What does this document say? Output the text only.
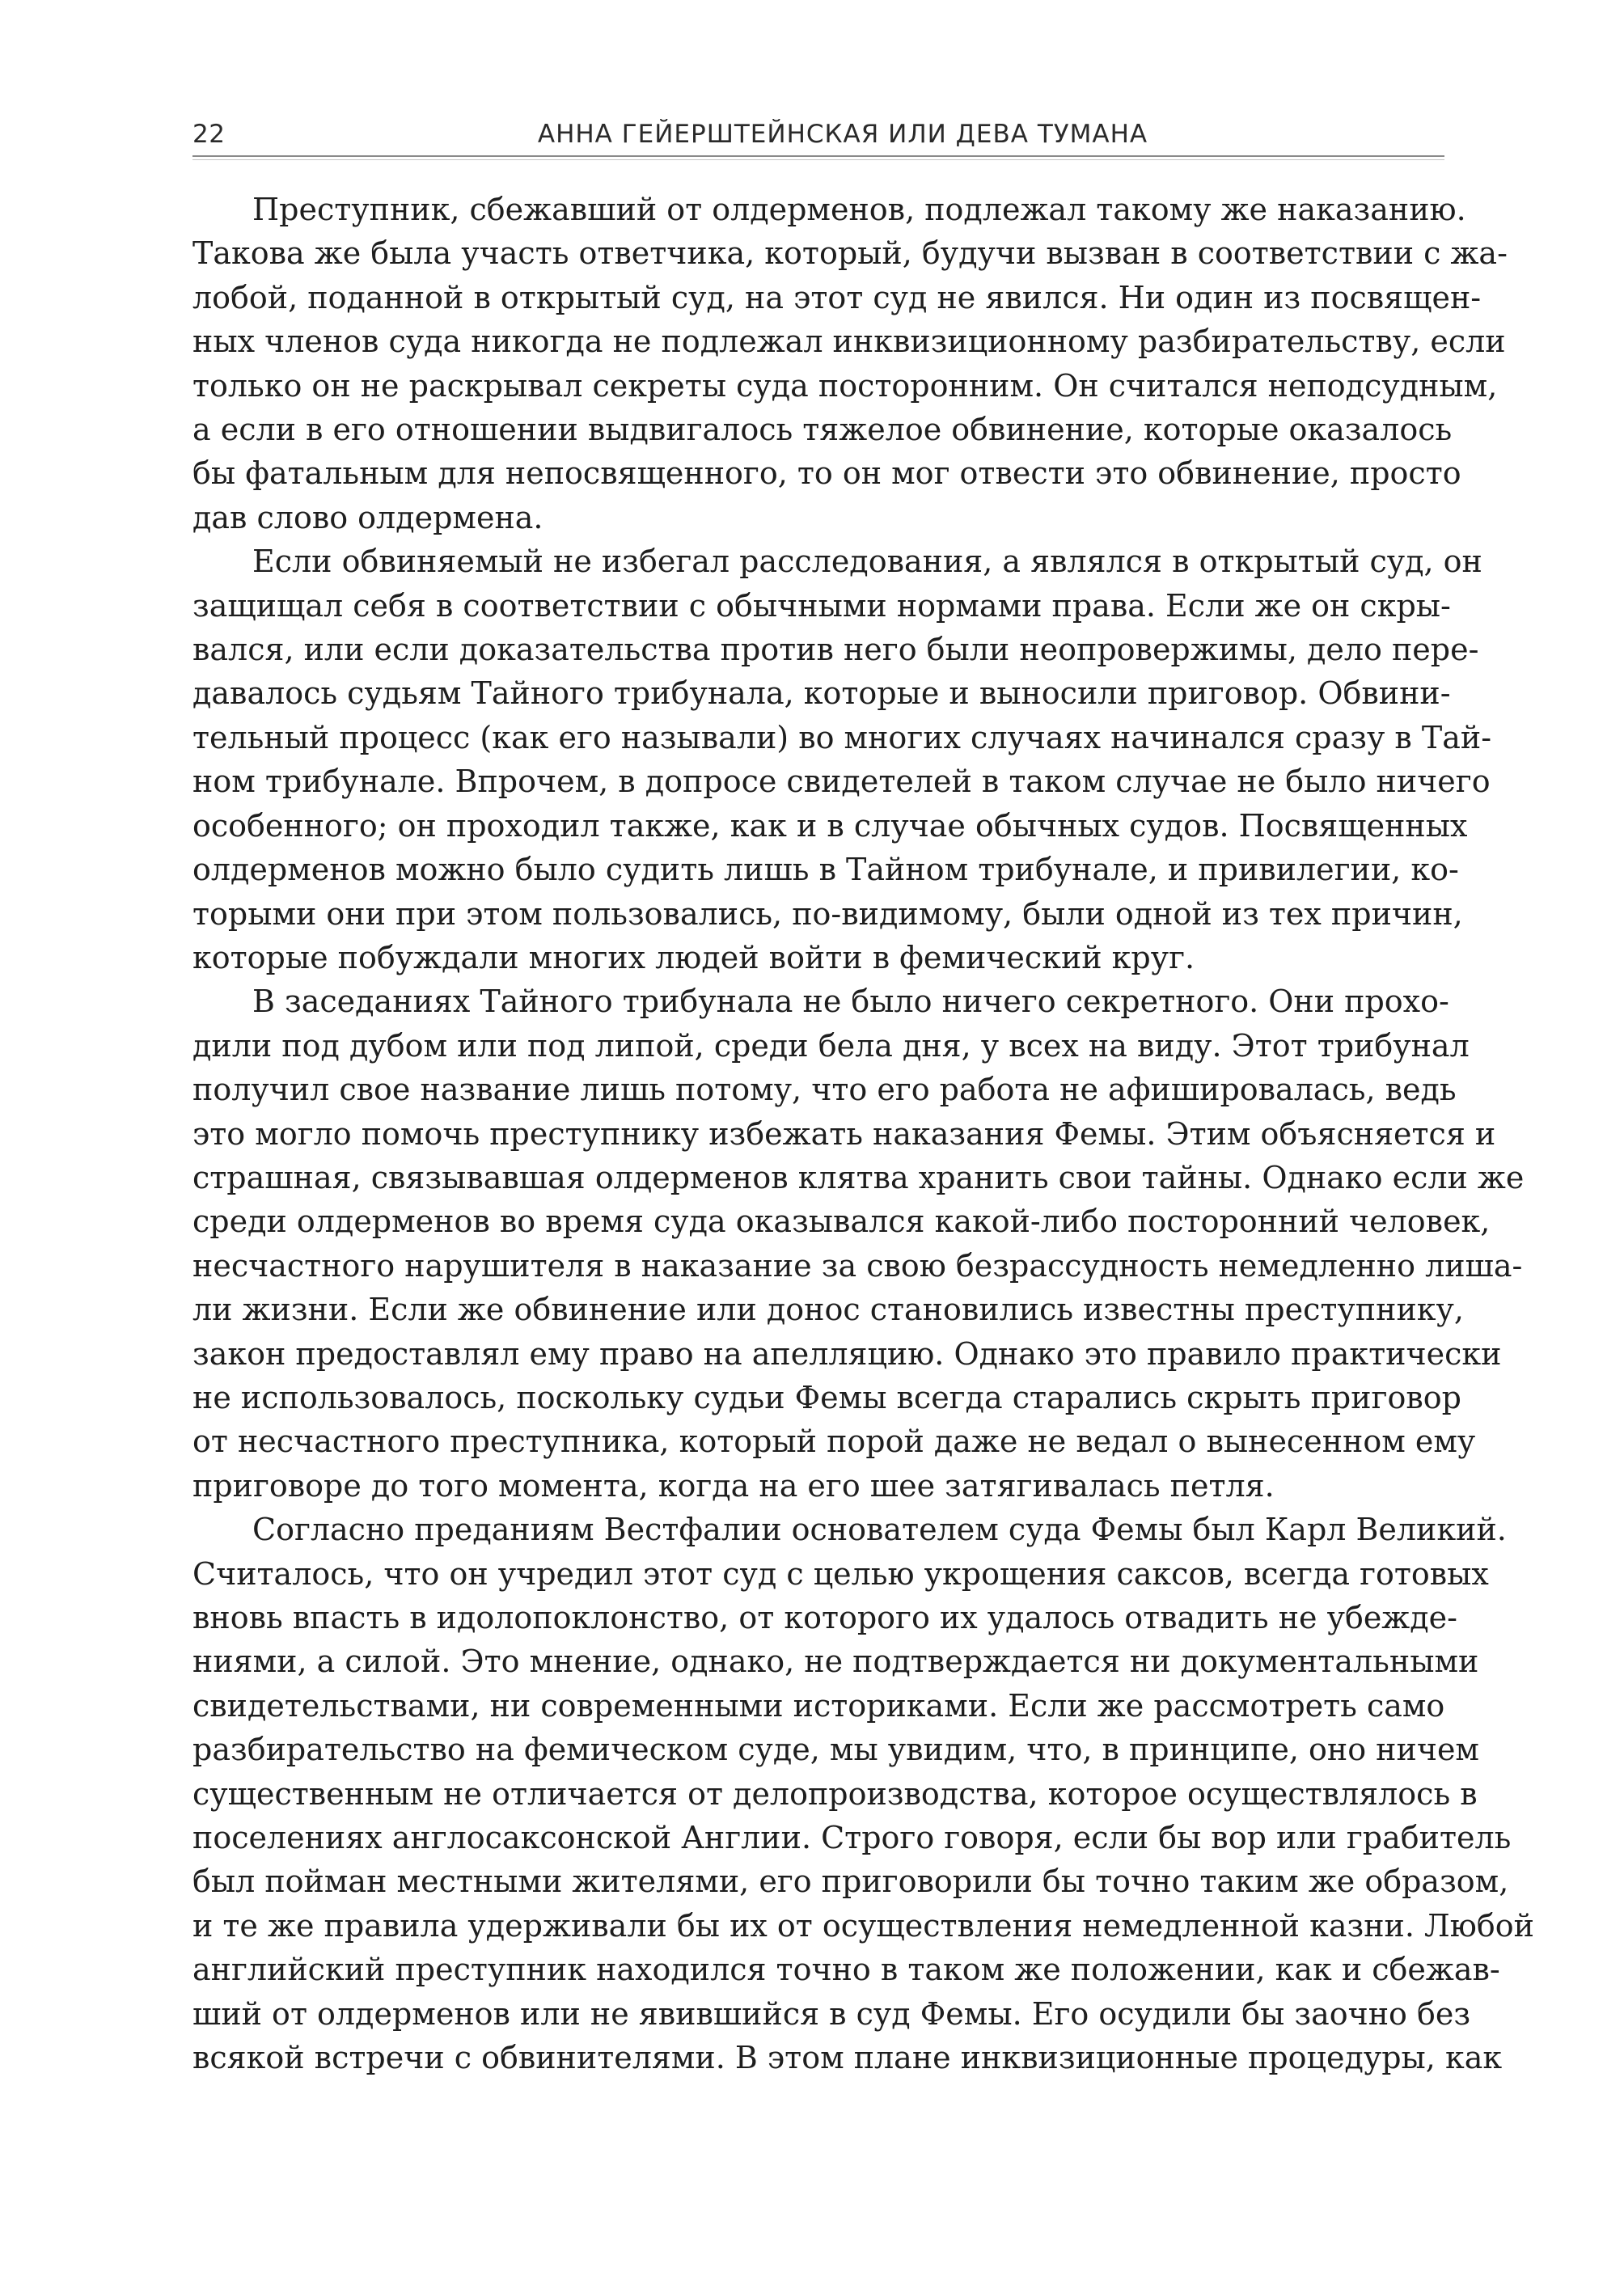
22	АННА ГЕЙЕРШТЕЙНСКАЯ ИЛИ ДЕВА ТУМАНА
Преступник, сбежавший от олдерменов, подлежал такому же наказанию.
Такова же была участь ответчика, который, будучи вызван в соответствии с жа-
лобой, поданной в открытый суд, на этот суд не явился. Ни один из посвящен-
ных членов суда никогда не подлежал инквизиционному разбирательству, если
только он не раскрывал секреты суда посторонним. Он считался неподсудным,
а если в его отношении выдвигалось тяжелое обвинение, которые оказалось
бы фатальным для непосвященного, то он мог отвести это обвинение, просто
дав слово олдермена.
Если обвиняемый не избегал расследования, а являлся в открытый суд, он
защищал себя в соответствии с обычными нормами права. Если же он скры-
вался, или если доказательства против него были неопровержимы, дело пере-
давалось судьям Тайного трибунала, которые и выносили приговор. Обвини-
тельный процесс (как его называли) во многих случаях начинался сразу в Тай-
ном трибунале. Впрочем, в допросе свидетелей в таком случае не было ничего
особенного; он проходил также, как и в случае обычных судов. Посвященных
олдерменов можно было судить лишь в Тайном трибунале, и привилегии, ко-
торыми они при этом пользовались, по-видимому, были одной из тех причин,
которые побуждали многих людей войти в фемический круг.
В заседаниях Тайного трибунала не было ничего секретного. Они прохо-
дили под дубом или под липой, среди бела дня, у всех на виду. Этот трибунал
получил свое название лишь потому, что его работа не афишировалась, ведь
это могло помочь преступнику избежать наказания Фемы. Этим объясняется и
страшная, связывавшая олдерменов клятва хранить свои тайны. Однако если же
среди олдерменов во время суда оказывался какой-либо посторонний человек,
несчастного нарушителя в наказание за свою безрассудность немедленно лиша-
ли жизни. Если же обвинение или донос становились известны преступнику,
закон предоставлял ему право на апелляцию. Однако это правило практически
не использовалось, поскольку судьи Фемы всегда старались скрыть приговор
от несчастного преступника, который порой даже не ведал о вынесенном ему
приговоре до того момента, когда на его шее затягивалась петля.
Согласно преданиям Вестфалии основателем суда Фемы был Карл Великий.
Считалось, что он учредил этот суд с целью укрощения саксов, всегда готовых
вновь впасть в идолопоклонство, от которого их удалось отвадить не убежде-
ниями, а силой. Это мнение, однако, не подтверждается ни документальными
свидетельствами, ни современными историками. Если же рассмотреть само
разбирательство на фемическом суде, мы увидим, что, в принципе, оно ничем
существенным не отличается от делопроизводства, которое осуществлялось в
поселениях англосаксонской Англии. Строго говоря, если бы вор или грабитель
был пойман местными жителями, его приговорили бы точно таким же образом,
и те же правила удерживали бы их от осуществления немедленной казни. Любой
английский преступник находился точно в таком же положении, как и сбежав-
ший от олдерменов или не явившийся в суд Фемы. Его осудили бы заочно без
всякой встречи с обвинителями. В этом плане инквизиционные процедуры, как
